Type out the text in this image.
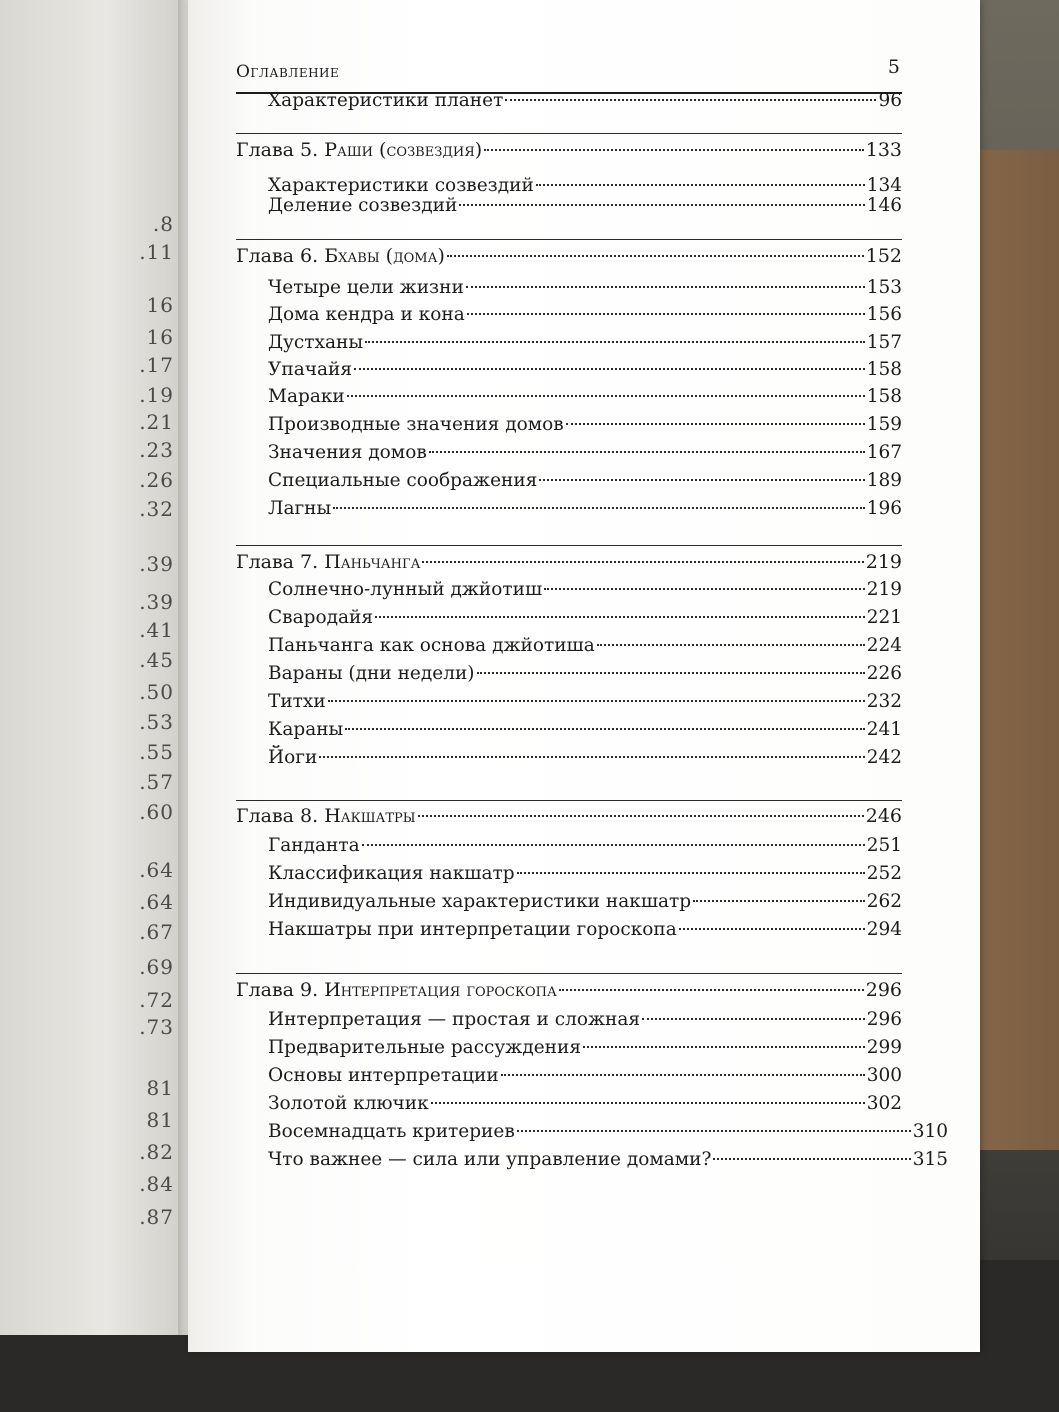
.8
.11
16
16
.17
.19
.21
.23
.26
.32
.39
.39
.41
.45
.50
.53
.55
.57
.60
.64
.64
.67
.69
.72
.73
81
81
.82
.84
.87
Оглавление	5
Характеристики планет	96
Глава 5. Раши (созвездия)	133
Характеристики созвездий	134
Деление созвездий	146
Глава 6. Бхавы (дома)	152
Четыре цели жизни	153
Дома кендра и кона	156
Дустханы	157
Упачайя	158
Мараки	158
Производные значения домов	159
Значения домов	167
Специальные соображения	189
Лагны	196
Глава 7. Паньчанга	219
Солнечно-лунный джйотиш	219
Свародайя	221
Паньчанга как основа джйотиша	224
Вараны (дни недели)	226
Титхи	232
Караны	241
Йоги	242
Глава 8. Накшатры	246
Ганданта	251
Классификация накшатр	252
Индивидуальные характеристики накшатр	262
Накшатры при интерпретации гороскопа	294
Глава 9. Интерпретация гороскопа	296
Интерпретация — простая и сложная	296
Предварительные рассуждения	299
Основы интерпретации	300
Золотой ключик	302
Восемнадцать критериев	310
Что важнее — сила или управление домами?	315
